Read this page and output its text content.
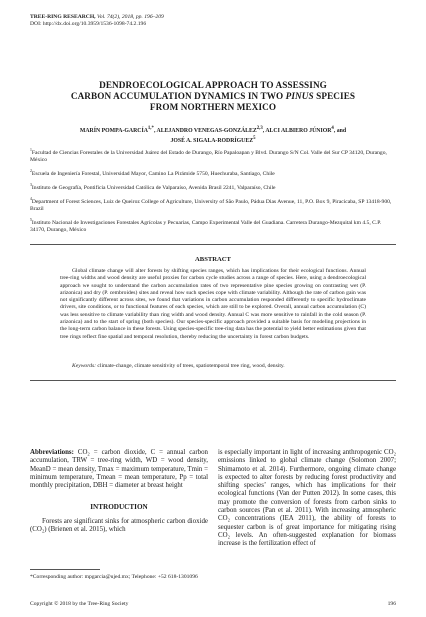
TREE-RING RESEARCH, Vol. 74(2), 2018, pp. 196–209
DOI: http://dx.doi.org/10.3959/1536-1098-74.2.196
DENDROECOLOGICAL APPROACH TO ASSESSING
CARBON ACCUMULATION DYNAMICS IN TWO PINUS SPECIES
FROM NORTHERN MEXICO
MARÍN POMPA-$GARCÍA^{1,*}$, ALEJANDRO VENEGAS-GONZÁLEZ$^{2,3}$, ALCI ALBIERO JÚNIOR$^4$, and
JOSÉ A. SIGALA-RODRÍGUEZ$^5$
$^1$Facultad de Ciencias Forestales de la Universidad Juárez del Estado de Durango, Río Papaloapan y Blvd. Durango S/N Col. Valle del Sur CP 34120, Durango, México
$^2$Escuela de Ingeniería Forestal, Universidad Mayor, Camino La Pirámide 5750, Huechuraba, Santiago, Chile
$^3$Instituto de Geografía, Pontificia Universidad Católica de Valparaíso, Avenida Brasil 2241, Valparaíso, Chile
$^4$Department of Forest Sciences, Luiz de Queiroz College of Agriculture, University of São Paulo, Pádua Dias Avenue, 11, P.O. Box 9, Piracicaba, SP 13418-900, Brazil
$^5$Instituto Nacional de Investigaciones Forestales Agrícolas y Pecuarias, Campo Experimental Valle del Guadiana. Carretera Durango-Mezquital km 4.5, C.P. 34170, Durango, México
ABSTRACT
Global climate change will alter forests by shifting species ranges, which has implications for their ecological functions. Annual tree-ring widths and wood density are useful proxies for carbon cycle studies across a range of species. Here, using a dendroecological approach we sought to understand the carbon accumulation rates of two representative pine species growing on contrasting wet (P. arizonica) and dry (P. cembroides) sites and reveal how such species cope with climate variability. Although the rate of carbon gain was not significantly different across sites, we found that variations in carbon accumulation responded differently to specific hydroclimate drivers, site conditions, or to functional features of each species, which are still to be explored. Overall, annual carbon accumulation (C) was less sensitive to climate variability than ring width and wood density. Annual C was more sensitive to rainfall in the cold season (P. arizonica) and to the start of spring (both species). Our species-specific approach provided a suitable basis for modeling projections in the long-term carbon balance in these forests. Using species-specific tree-ring data has the potential to yield better estimations given that tree rings reflect fine spatial and temporal resolution, thereby reducing the uncertainty in forest carbon budgets.
Keywords: climate-change, climate sensitivity of trees, spatiotemporal tree ring, wood, density.
Abbreviations: CO₂ = carbon dioxide, C = annual carbon accumulation, TRW = tree-ring width, WD = wood density, MeanD = mean density, Tmax = maximum temperature, Tmin = minimum temperature, Tmean = mean temperature, Pp = total monthly precipitation, DBH = diameter at breast height
INTRODUCTION
Forests are significant sinks for atmospheric carbon dioxide (CO₂) (Brienen et al. 2015), which
is especially important in light of increasing anthropogenic CO₂ emissions linked to global climate change (Solomon 2007; Shimamoto et al. 2014). Furthermore, ongoing climate change is expected to alter forests by reducing forest productivity and shifting species’ ranges, which has implications for their ecological functions (Van der Putten 2012). In some cases, this may promote the conversion of forests from carbon sinks to carbon sources (Pan et al. 2011). With increasing atmospheric CO₂ concentrations (IEA 2011), the ability of forests to sequester carbon is of great importance for mitigating rising CO₂ levels. An often-suggested explanation for biomass increase is the fertilization effect of
*Corresponding author: mpgarcia@ujed.mx; Telephone: +52 618-1301096
Copyright © 2018 by the Tree-Ring Society	196
